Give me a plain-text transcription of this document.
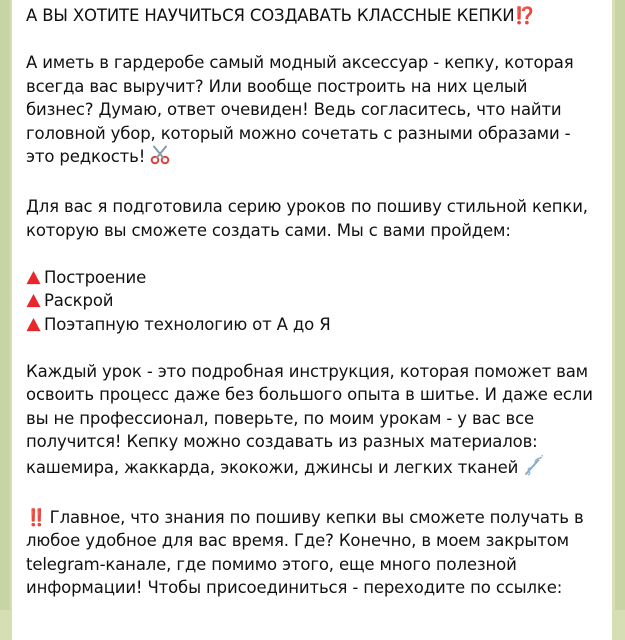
А ВЫ ХОТИТЕ НАУЧИТЬСЯ СОЗДАВАТЬ КЛАССНЫЕ КЕПКИ⁉️

А иметь в гардеробе самый модный аксессуар - кепку, которая всегда вас выручит? Или вообще построить на них целый бизнес? Думаю, ответ очевиден! Ведь согласитесь, что найти головной убор, который можно сочетать с разными образами - это редкость!

Для вас я подготовила серию уроков по пошиву стильной кепки, которую вы сможете создать сами. Мы с вами пройдем:

Построение
Раскрой
Поэтапную технологию от А до Я

Каждый урок - это подробная инструкция, которая поможет вам освоить процесс даже без большого опыта в шитье. И даже если вы не профессионал, поверьте, по моим урокам - у вас все получится! Кепку можно создавать из разных материалов: кашемира, жаккарда, экокожи, джинсы и легких тканей

‼️ Главное, что знания по пошиву кепки вы сможете получать в любое удобное для вас время. Где? Конечно, в моем закрытом telegram-канале, где помимо этого, еще много полезной информации! Чтобы присоединиться - переходите по ссылке:
